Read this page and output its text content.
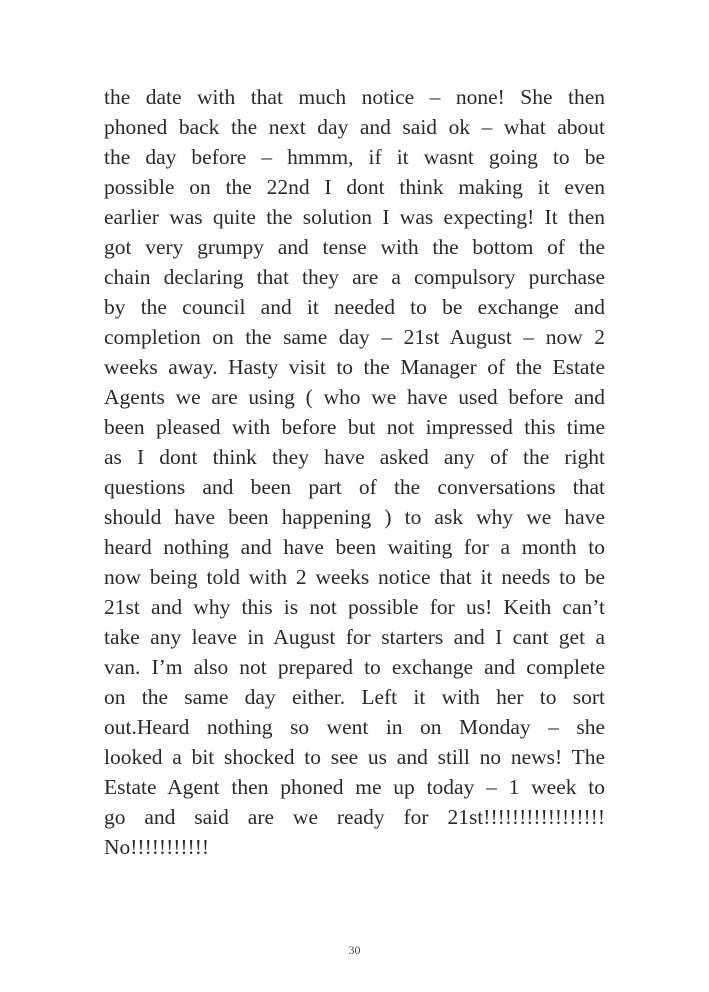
the date with that much notice – none! She then
phoned back the next day and said ok – what about
the day before – hmmm, if it wasnt going to be
possible on the 22nd I dont think making it even
earlier was quite the solution I was expecting! It then
got very grumpy and tense with the bottom of the
chain declaring that they are a compulsory purchase
by the council and it needed to be exchange and
completion on the same day – 21st August – now 2
weeks away. Hasty visit to the Manager of the Estate
Agents we are using ( who we have used before and
been pleased with before but not impressed this time
as I dont think they have asked any of the right
questions and been part of the conversations that
should have been happening ) to ask why we have
heard nothing and have been waiting for a month to
now being told with 2 weeks notice that it needs to be
21st and why this is not possible for us! Keith can’t
take any leave in August for starters and I cant get a
van. I’m also not prepared to exchange and complete
on the same day either. Left it with her to sort
out.Heard nothing so went in on Monday – she
looked a bit shocked to see us and still no news! The
Estate Agent then phoned me up today – 1 week to
go and said are we ready for 21st!!!!!!!!!!!!!!!!!
No!!!!!!!!!!!
30
